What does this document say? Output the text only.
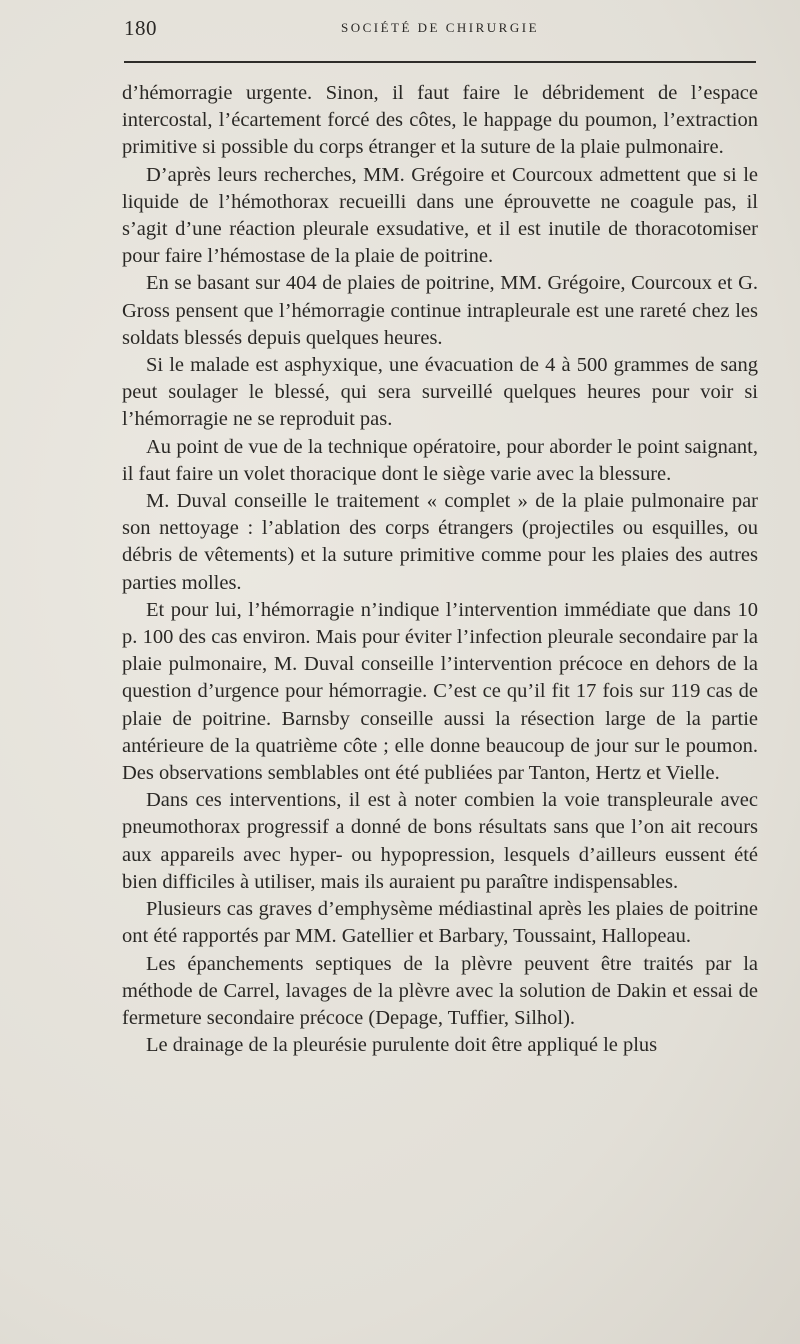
180	SOCIÉTÉ DE CHIRURGIE

d’hémorragie urgente. Sinon, il faut faire le débridement de l’espace intercostal, l’écartement forcé des côtes, le happage du poumon, l’extraction primitive si possible du corps étranger et la suture de la plaie pulmonaire.

D’après leurs recherches, MM. Grégoire et Courcoux admettent que si le liquide de l’hémothorax recueilli dans une éprouvette ne coagule pas, il s’agit d’une réaction pleurale exsudative, et il est inutile de thoracotomiser pour faire l’hémostase de la plaie de poitrine.

En se basant sur 404 de plaies de poitrine, MM. Grégoire, Courcoux et G. Gross pensent que l’hémorragie continue intrapleurale est une rareté chez les soldats blessés depuis quelques heures.

Si le malade est asphyxique, une évacuation de 4 à 500 grammes de sang peut soulager le blessé, qui sera surveillé quelques heures pour voir si l’hémorragie ne se reproduit pas.

Au point de vue de la technique opératoire, pour aborder le point saignant, il faut faire un volet thoracique dont le siège varie avec la blessure.

M. Duval conseille le traitement « complet » de la plaie pulmonaire par son nettoyage : l’ablation des corps étrangers (projectiles ou esquilles, ou débris de vêtements) et la suture primitive comme pour les plaies des autres parties molles.

Et pour lui, l’hémorragie n’indique l’intervention immédiate que dans 10 p. 100 des cas environ. Mais pour éviter l’infection pleurale secondaire par la plaie pulmonaire, M. Duval conseille l’intervention précoce en dehors de la question d’urgence pour hémorragie. C’est ce qu’il fit 17 fois sur 119 cas de plaie de poitrine. Barnsby conseille aussi la résection large de la partie antérieure de la quatrième côte ; elle donne beaucoup de jour sur le poumon. Des observations semblables ont été publiées par Tanton, Hertz et Vielle.

Dans ces interventions, il est à noter combien la voie transpleurale avec pneumothorax progressif a donné de bons résultats sans que l’on ait recours aux appareils avec hyper- ou hypopression, lesquels d’ailleurs eussent été bien difficiles à utiliser, mais ils auraient pu paraître indispensables.

Plusieurs cas graves d’emphysème médiastinal après les plaies de poitrine ont été rapportés par MM. Gatellier et Barbary, Toussaint, Hallopeau.

Les épanchements septiques de la plèvre peuvent être traités par la méthode de Carrel, lavages de la plèvre avec la solution de Dakin et essai de fermeture secondaire précoce (Depage, Tuffier, Silhol).

Le drainage de la pleurésie purulente doit être appliqué le plus
